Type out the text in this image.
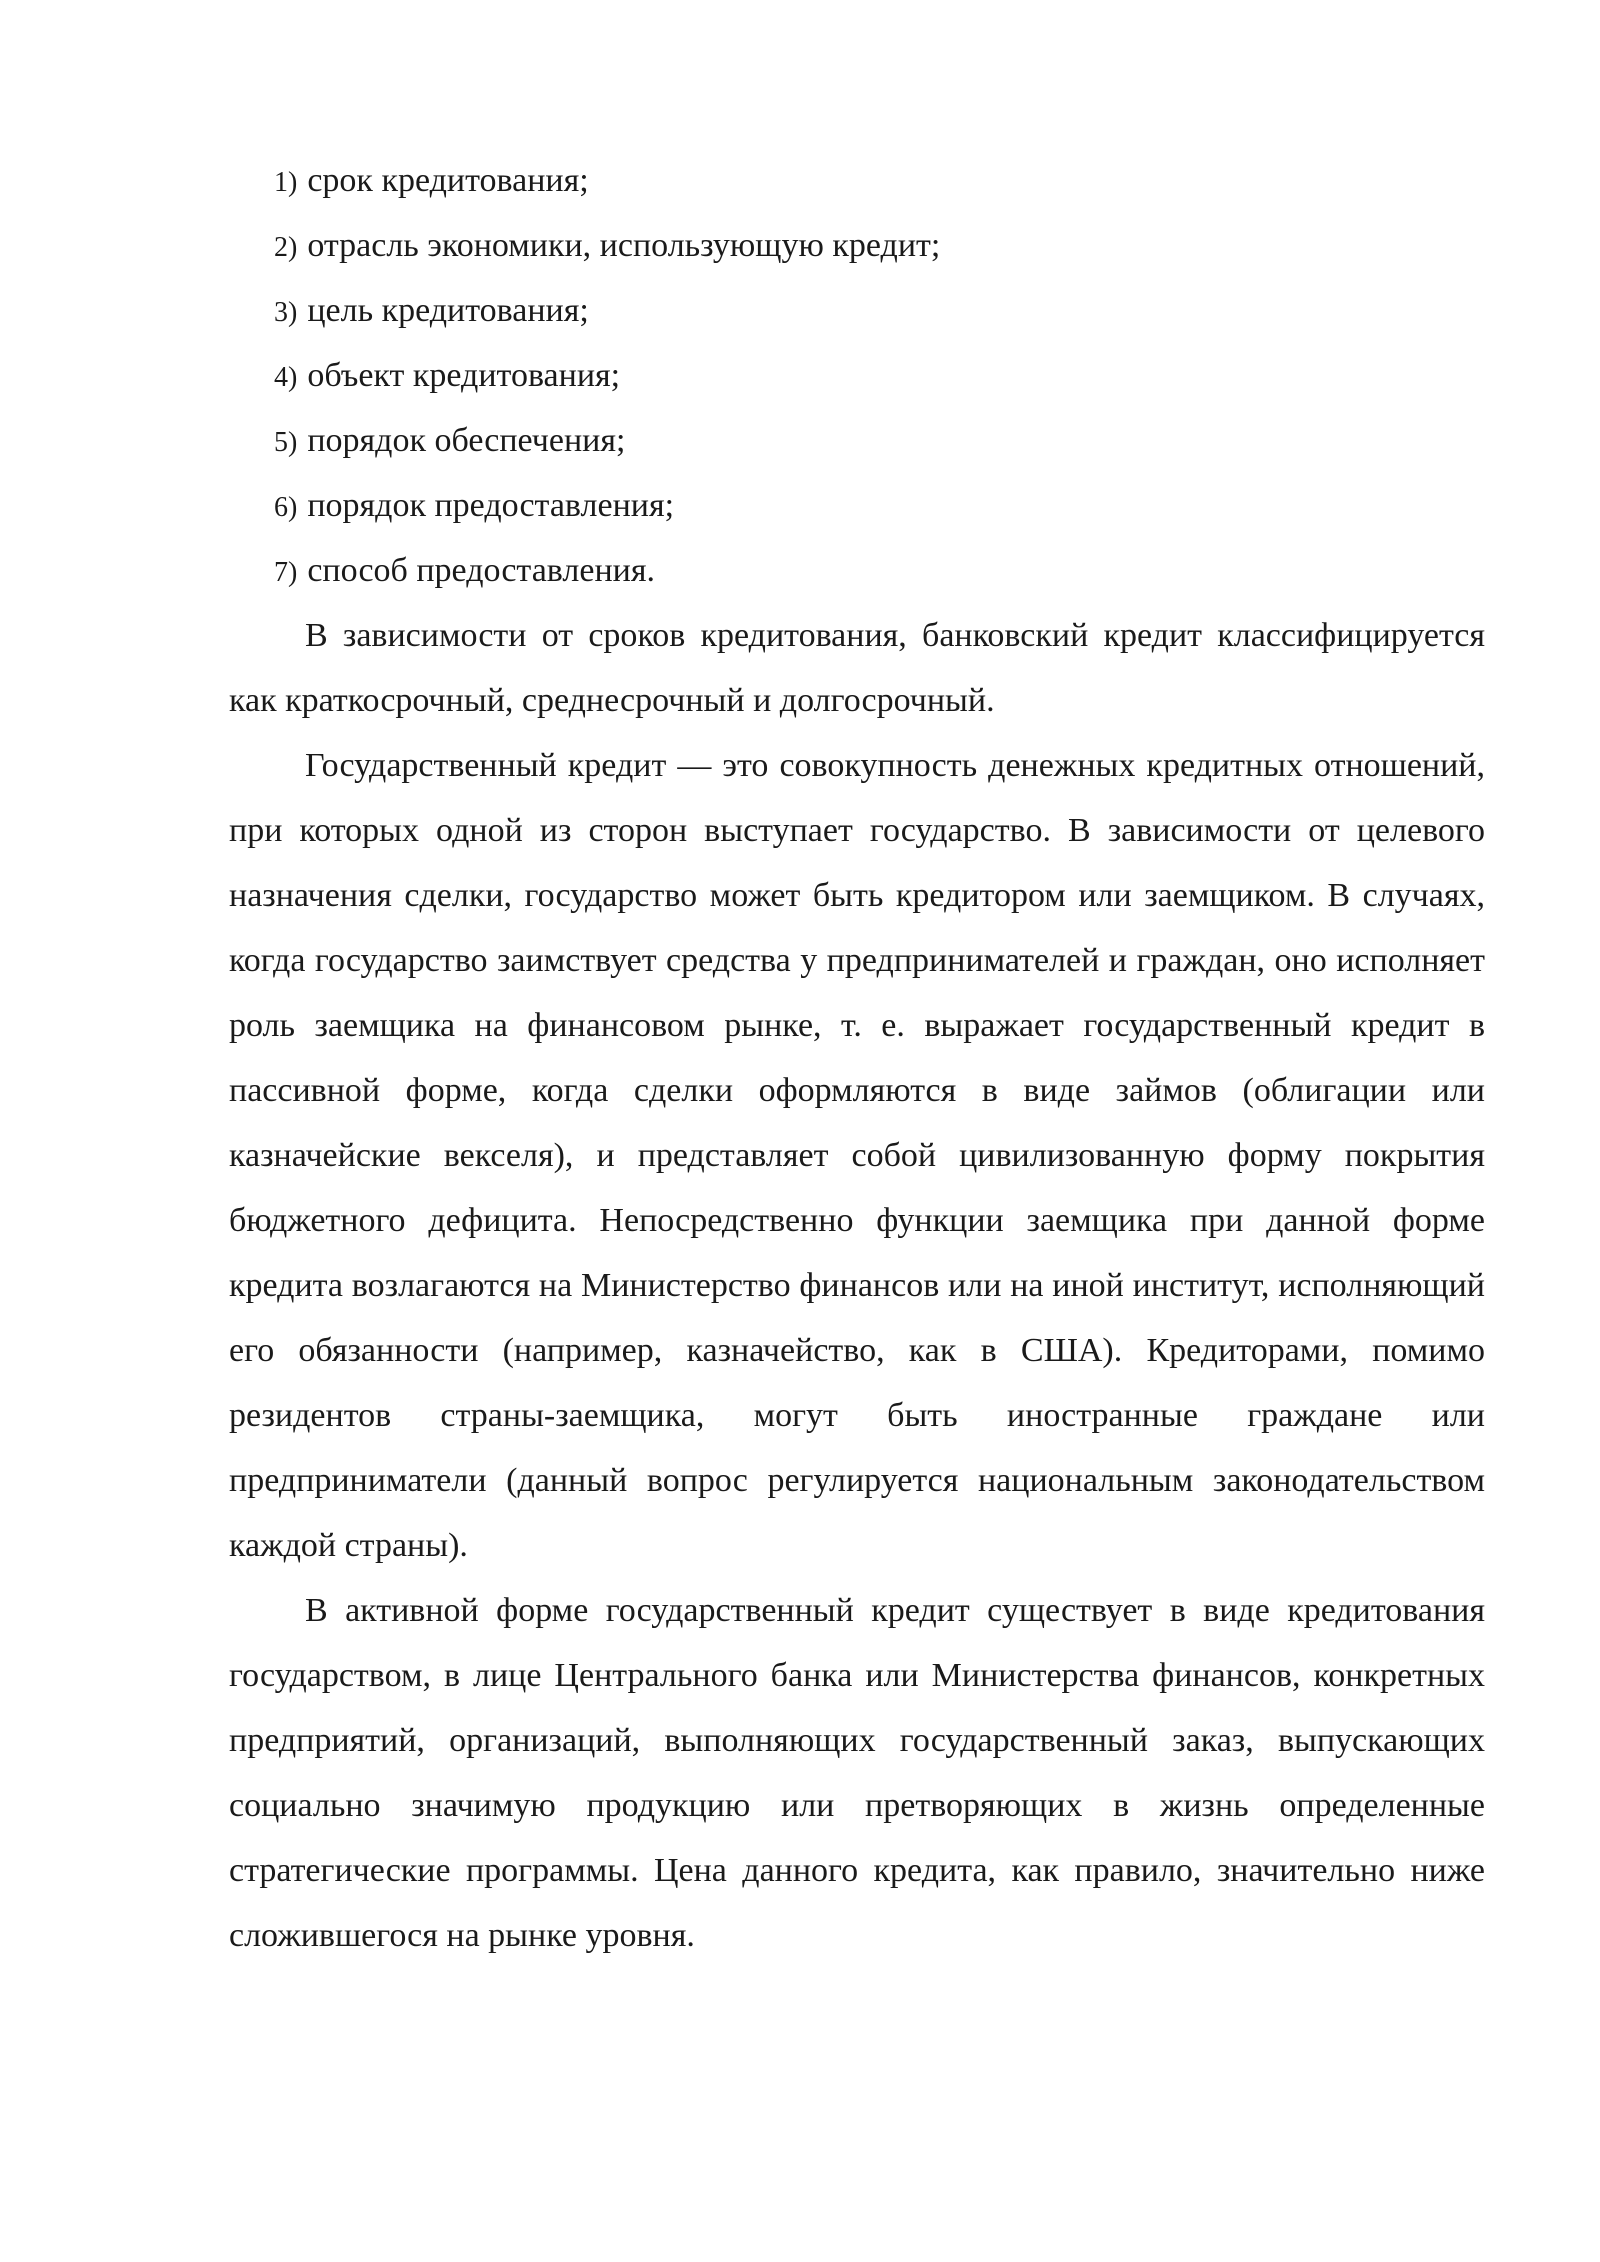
1) срок кредитования;
2) отрасль экономики, использующую кредит;
3) цель кредитования;
4) объект кредитования;
5) порядок обеспечения;
6) порядок предоставления;
7) способ предоставления.

В зависимости от сроков кредитования, банковский кредит классифицируется как краткосрочный, среднесрочный и долгосрочный.

Государственный кредит — это совокупность денежных кредитных отношений, при которых одной из сторон выступает государство. В зависимости от целевого назначения сделки, государство может быть кредитором или заемщиком. В случаях, когда государство заимствует средства у предпринимателей и граждан, оно исполняет роль заемщика на финансовом рынке, т. е. выражает государственный кредит в пассивной форме, когда сделки оформляются в виде займов (облигации или казначейские векселя), и представляет собой цивилизованную форму покрытия бюджетного дефицита. Непосредственно функции заемщика при данной форме кредита возлагаются на Министерство финансов или на иной институт, исполняющий его обязанности (например, казначейство, как в США). Кредиторами, помимо резидентов страны-заемщика, могут быть иностранные граждане или предприниматели (данный вопрос регулируется национальным законодательством каждой страны).

В активной форме государственный кредит существует в виде кредитования государством, в лице Центрального банка или Министерства финансов, конкретных предприятий, организаций, выполняющих государственный заказ, выпускающих социально значимую продукцию или претворяющих в жизнь определенные стратегические программы. Цена данного кредита, как правило, значительно ниже сложившегося на рынке уровня.
